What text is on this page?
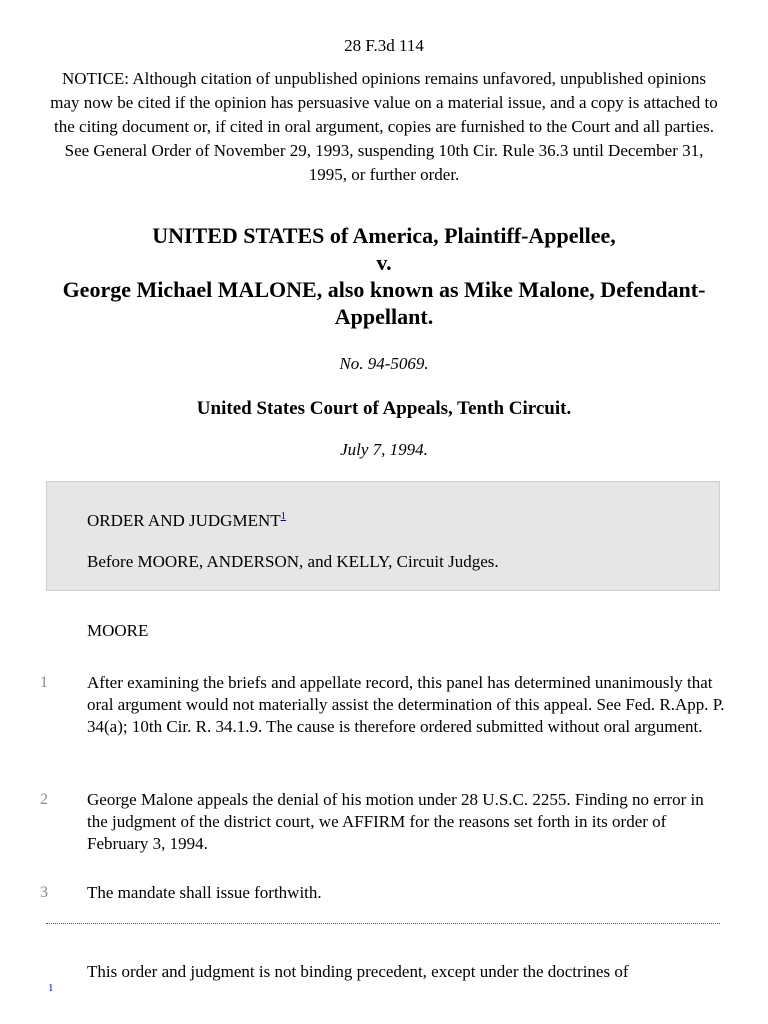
28 F.3d 114
NOTICE: Although citation of unpublished opinions remains unfavored, unpublished opinions may now be cited if the opinion has persuasive value on a material issue, and a copy is attached to the citing document or, if cited in oral argument, copies are furnished to the Court and all parties. See General Order of November 29, 1993, suspending 10th Cir. Rule 36.3 until December 31, 1995, or further order.
UNITED STATES of America, Plaintiff-Appellee,
v.
George Michael MALONE, also known as Mike Malone, Defendant-Appellant.
No. 94-5069.
United States Court of Appeals, Tenth Circuit.
July 7, 1994.
ORDER AND JUDGMENT$^1$
Before MOORE, ANDERSON, and KELLY, Circuit Judges.
MOORE
1	After examining the briefs and appellate record, this panel has determined unanimously that oral argument would not materially assist the determination of this appeal. See Fed. R.App. P. 34(a); 10th Cir. R. 34.1.9. The cause is therefore ordered submitted without oral argument.
2	George Malone appeals the denial of his motion under 28 U.S.C. 2255. Finding no error in the judgment of the district court, we AFFIRM for the reasons set forth in its order of February 3, 1994.
3	The mandate shall issue forthwith.
This order and judgment is not binding precedent, except under the doctrines of
1
